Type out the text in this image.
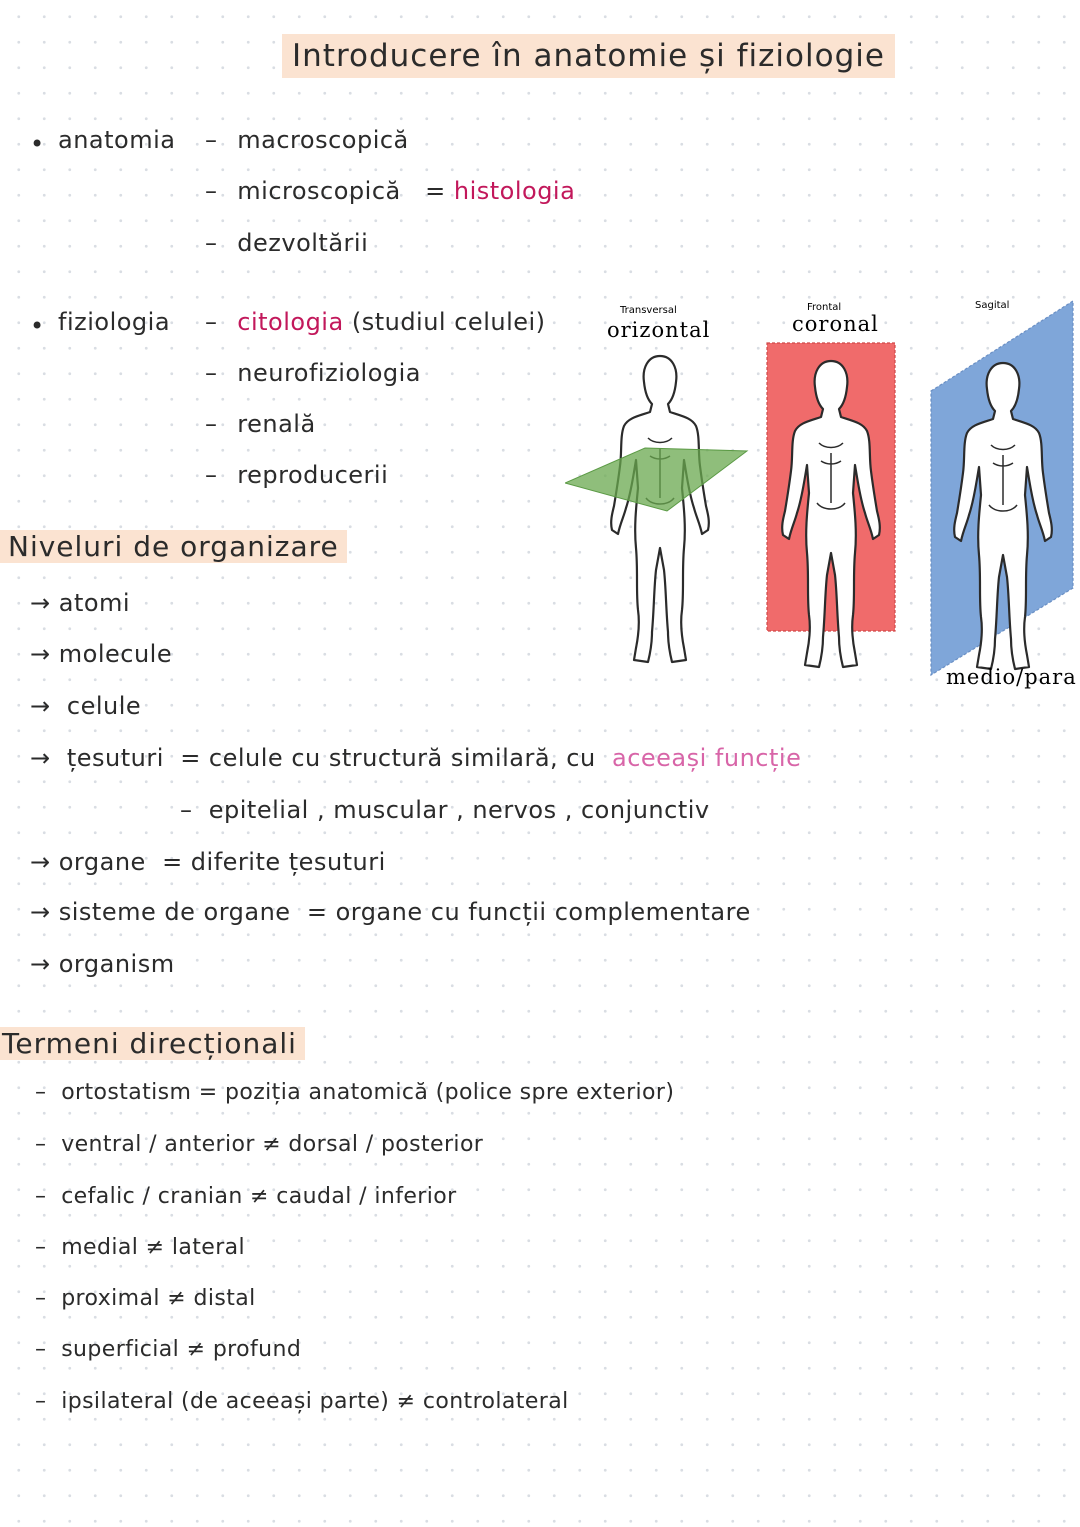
Introducere în anatomie și fiziologie
• anatomia – macroscopică
– microscopică = histologia
– dezvoltării
• fiziologia – citologia (studiul celulei)
– neurofiziologia
– renală
– reproducerii
Transversal
orizontal
Frontal
coronal
Sagital
medio/para
Niveluri de organizare
→ atomi
→ molecule
→  celule
→  țesuturi = celule cu structură similară, cu aceeași funcție
–  epitelial , muscular , nervos , conjunctiv
→ organe = diferite țesuturi
→ sisteme de organe = organe cu funcții complementare
→ organism
Termeni direcționali
–  ortostatism = poziția anatomică (police spre exterior)
–  ventral / anterior ≠ dorsal / posterior
–  cefalic / cranian ≠ caudal / inferior
–  medial ≠ lateral
–  proximal ≠ distal
–  superficial ≠ profund
–  ipsilateral (de aceeași parte) ≠ controlateral
